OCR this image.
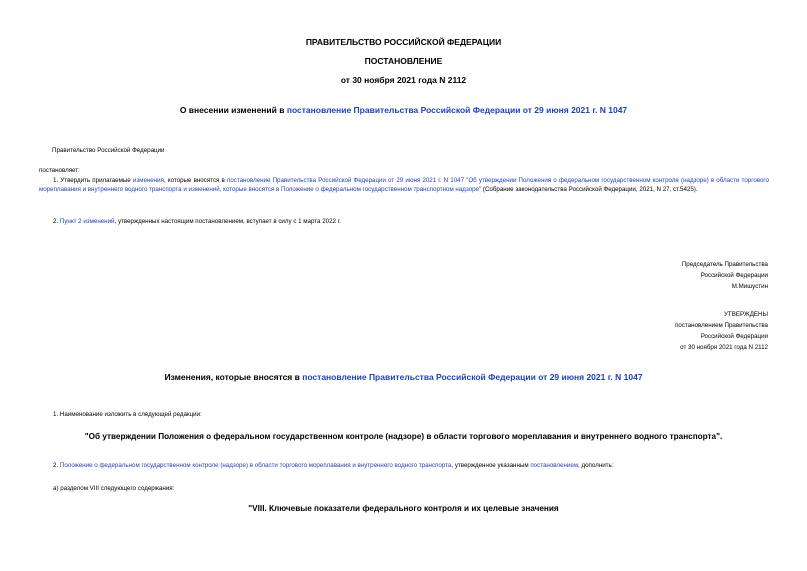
ПРАВИТЕЛЬСТВО РОССИЙСКОЙ ФЕДЕРАЦИИ
ПОСТАНОВЛЕНИЕ
от 30 ноября 2021 года N 2112
О внесении изменений в постановление Правительства Российской Федерации от 29 июня 2021 г. N 1047
Правительство Российской Федерации
постановляет:
1. Утвердить прилагаемые изменения, которые вносятся в постановление Правительства Российской Федерации от 29 июня 2021 г. N 1047 "Об утверждении Положения о федеральном государственном контроле (надзоре) в области торгового мореплавания и внутреннего водного транспорта и изменений, которые вносятся в Положение о федеральном государственном транспортном надзоре" (Собрание законодательства Российской Федерации, 2021, N 27, ст.5425).
2. Пункт 2 изменений, утвержденных настоящим постановлением, вступает в силу с 1 марта 2022 г.
Председатель Правительства
Российской Федерации
М.Мишустин
УТВЕРЖДЕНЫ
постановлением Правительства
Российской Федерации
от 30 ноября 2021 года N 2112
Изменения, которые вносятся в постановление Правительства Российской Федерации от 29 июня 2021 г. N 1047
1. Наименование изложить в следующей редакции:
"Об утверждении Положения о федеральном государственном контроле (надзоре) в области торгового мореплавания и внутреннего водного транспорта".
2. Положение о федеральном государственном контроле (надзоре) в области торгового мореплавания и внутреннего водного транспорта, утвержденное указанным постановлением, дополнить:
а) разделом VIII следующего содержания:
"VIII. Ключевые показатели федерального контроля и их целевые значения
